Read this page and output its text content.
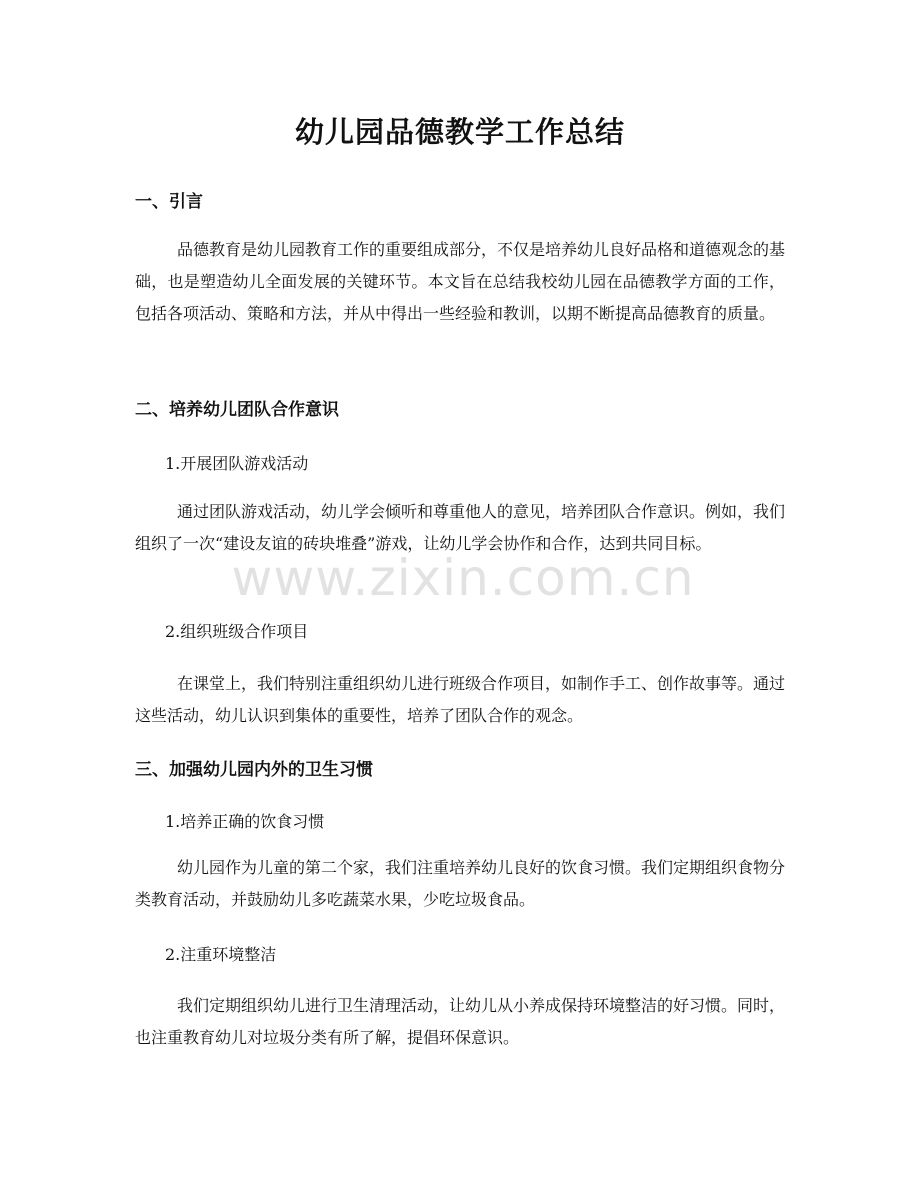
幼儿园品德教学工作总结
一、引言
品德教育是幼儿园教育工作的重要组成部分，不仅是培养幼儿良好品格和道德观念的基础，也是塑造幼儿全面发展的关键环节。本文旨在总结我校幼儿园在品德教学方面的工作，包括各项活动、策略和方法，并从中得出一些经验和教训，以期不断提高品德教育的质量。
二、培养幼儿团队合作意识
1.开展团队游戏活动
通过团队游戏活动，幼儿学会倾听和尊重他人的意见，培养团队合作意识。例如，我们组织了一次“建设友谊的砖块堆叠”游戏，让幼儿学会协作和合作，达到共同目标。
2.组织班级合作项目
在课堂上，我们特别注重组织幼儿进行班级合作项目，如制作手工、创作故事等。通过这些活动，幼儿认识到集体的重要性，培养了团队合作的观念。
三、加强幼儿园内外的卫生习惯
1.培养正确的饮食习惯
幼儿园作为儿童的第二个家，我们注重培养幼儿良好的饮食习惯。我们定期组织食物分类教育活动，并鼓励幼儿多吃蔬菜水果，少吃垃圾食品。
2.注重环境整洁
我们定期组织幼儿进行卫生清理活动，让幼儿从小养成保持环境整洁的好习惯。同时，也注重教育幼儿对垃圾分类有所了解，提倡环保意识。
www.zixin.com.cn
